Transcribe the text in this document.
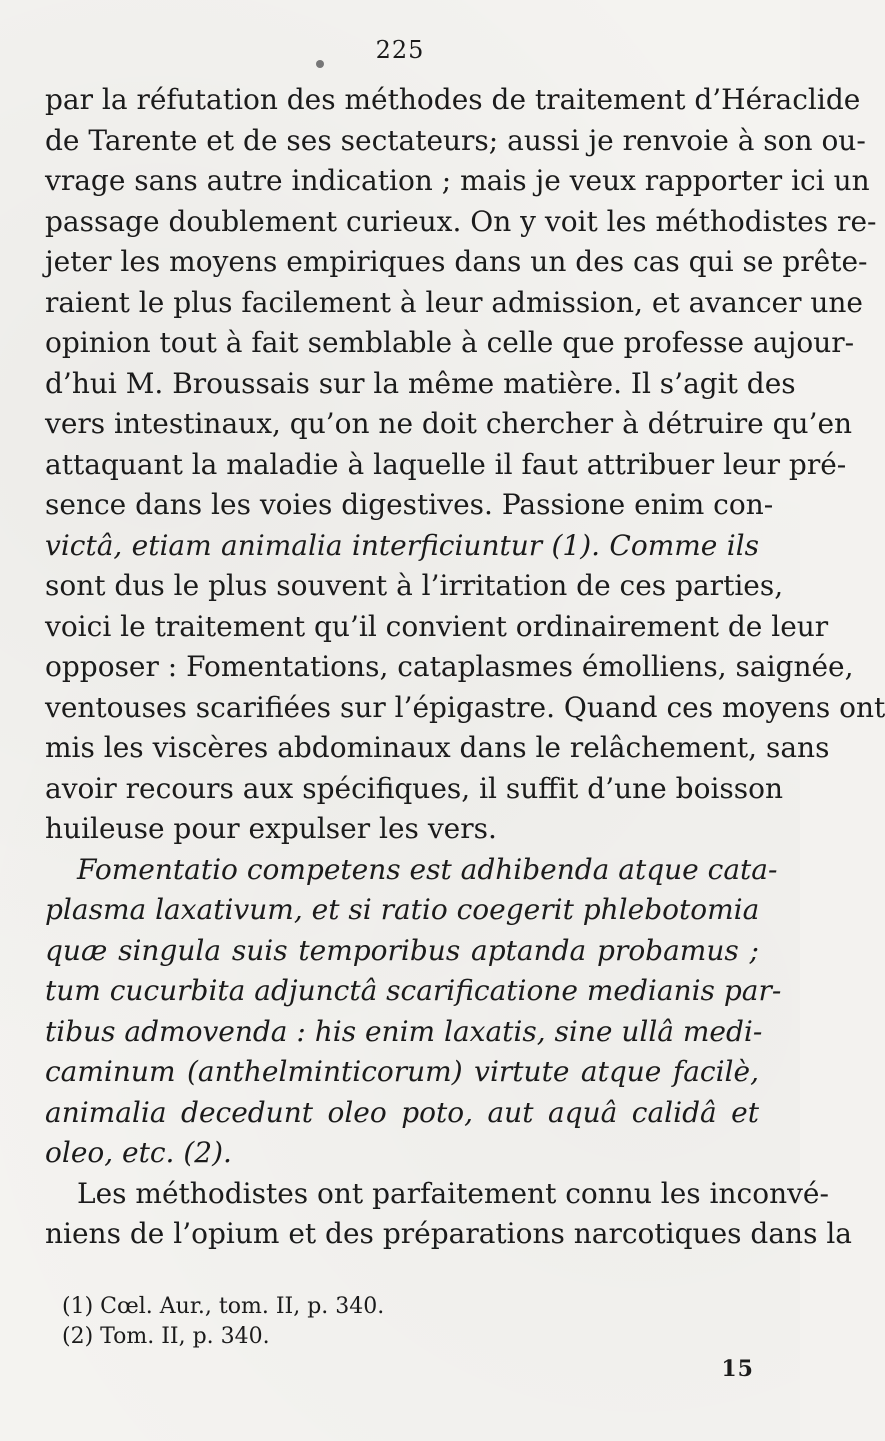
225
par la réfutation des méthodes de traitement d’Héraclide
de Tarente et de ses sectateurs; aussi je renvoie à son ou-
vrage sans autre indication ; mais je veux rapporter ici un
passage doublement curieux. On y voit les méthodistes re-
jeter les moyens empiriques dans un des cas qui se prête-
raient le plus facilement à leur admission, et avancer une
opinion tout à fait semblable à celle que professe aujour-
d’hui M. Broussais sur la même matière. Il s’agit des
vers intestinaux, qu’on ne doit chercher à détruire qu’en
attaquant la maladie à laquelle il faut attribuer leur pré-
sence dans les voies digestives. Passione enim con-
victâ, etiam animalia interficiuntur (1). Comme ils
sont dus le plus souvent à l’irritation de ces parties,
voici le traitement qu’il convient ordinairement de leur
opposer : Fomentations, cataplasmes émolliens, saignée,
ventouses scarifiées sur l’épigastre. Quand ces moyens ont
mis les viscères abdominaux dans le relâchement, sans
avoir recours aux spécifiques, il suffit d’une boisson
huileuse pour expulser les vers.
Fomentatio competens est adhibenda atque cata-
plasma laxativum, et si ratio coegerit phlebotomia
quæ singula suis temporibus aptanda probamus ;
tum cucurbita adjunctâ scarificatione medianis par-
tibus admovenda : his enim laxatis, sine ullâ medi-
caminum (anthelminticorum) virtute atque facilè,
animalia decedunt oleo poto, aut aquâ calidâ et
oleo, etc. (2).
Les méthodistes ont parfaitement connu les inconvé-
niens de l’opium et des préparations narcotiques dans la
(1) Cœl. Aur., tom. II, p. 340.
(2) Tom. II, p. 340.
15
